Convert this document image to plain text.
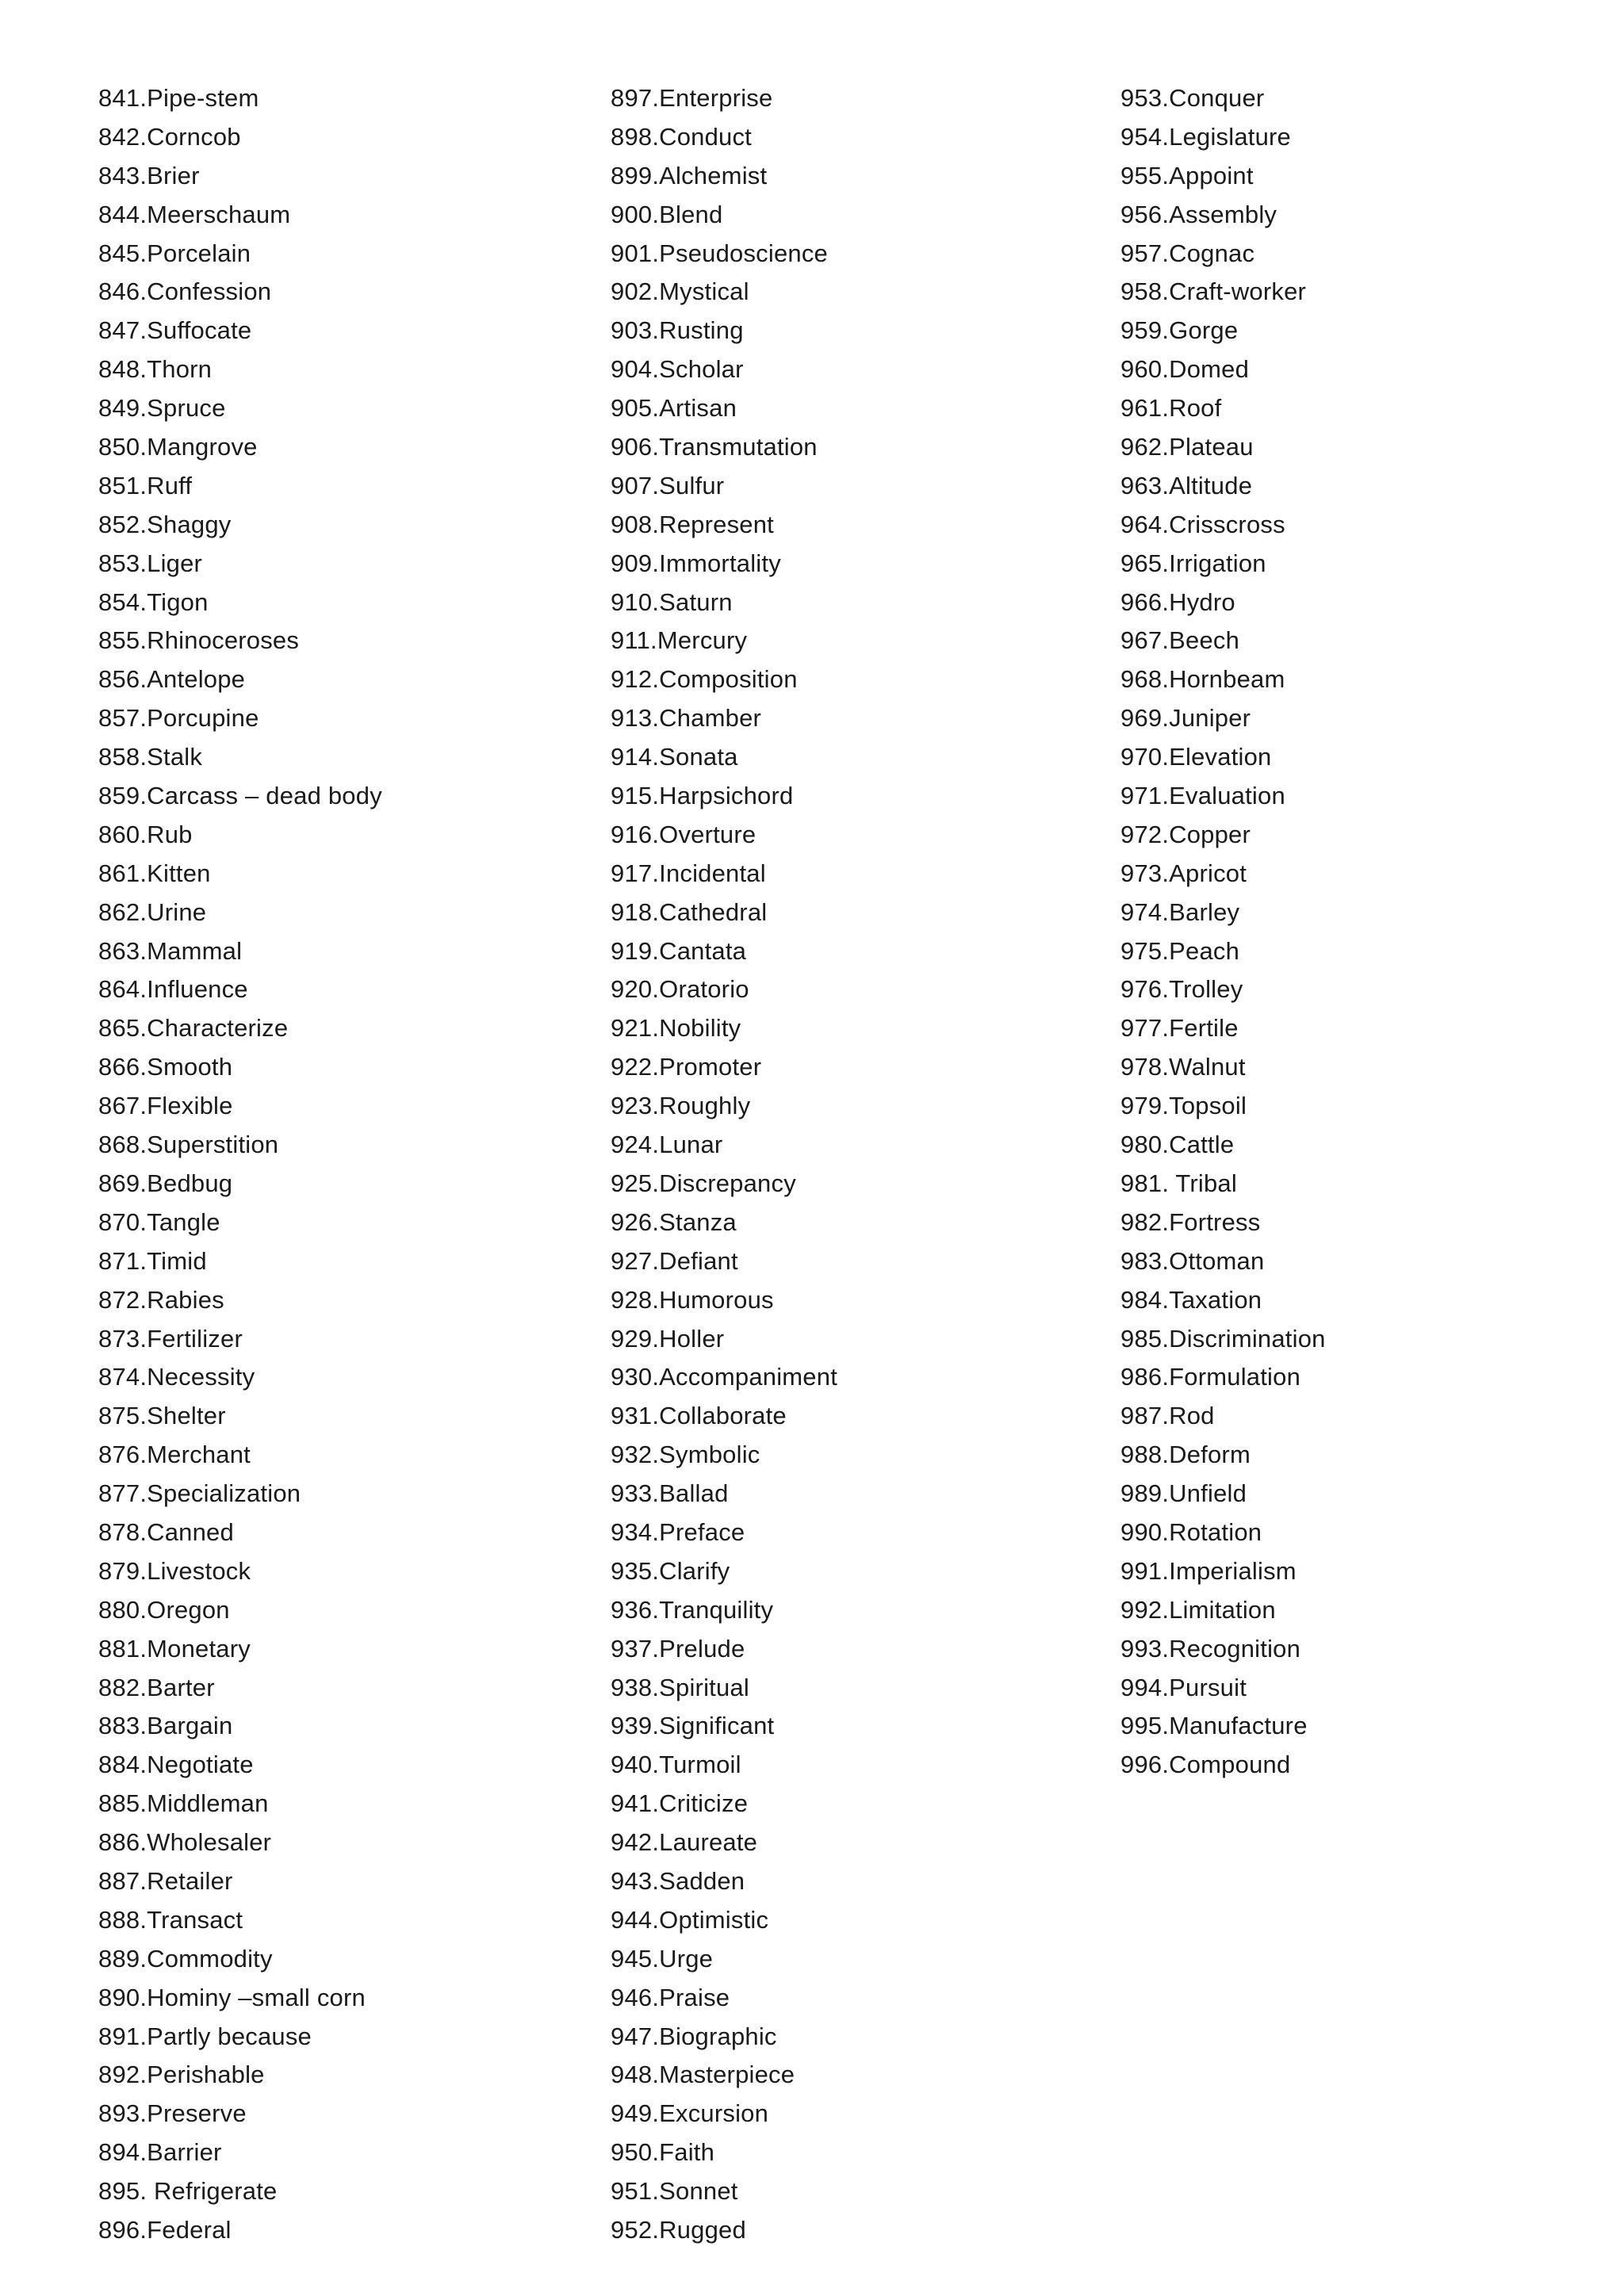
841.Pipe-stem
842.Corncob
843.Brier
844.Meerschaum
845.Porcelain
846.Confession
847.Suffocate
848.Thorn
849.Spruce
850.Mangrove
851.Ruff
852.Shaggy
853.Liger
854.Tigon
855.Rhinoceroses
856.Antelope
857.Porcupine
858.Stalk
859.Carcass – dead body
860.Rub
861.Kitten
862.Urine
863.Mammal
864.Influence
865.Characterize
866.Smooth
867.Flexible
868.Superstition
869.Bedbug
870.Tangle
871.Timid
872.Rabies
873.Fertilizer
874.Necessity
875.Shelter
876.Merchant
877.Specialization
878.Canned
879.Livestock
880.Oregon
881.Monetary
882.Barter
883.Bargain
884.Negotiate
885.Middleman
886.Wholesaler
887.Retailer
888.Transact
889.Commodity
890.Hominy –small corn
891.Partly because
892.Perishable
893.Preserve
894.Barrier
895. Refrigerate
896.Federal
897.Enterprise
898.Conduct
899.Alchemist
900.Blend
901.Pseudoscience
902.Mystical
903.Rusting
904.Scholar
905.Artisan
906.Transmutation
907.Sulfur
908.Represent
909.Immortality
910.Saturn
911.Mercury
912.Composition
913.Chamber
914.Sonata
915.Harpsichord
916.Overture
917.Incidental
918.Cathedral
919.Cantata
920.Oratorio
921.Nobility
922.Promoter
923.Roughly
924.Lunar
925.Discrepancy
926.Stanza
927.Defiant
928.Humorous
929.Holler
930.Accompaniment
931.Collaborate
932.Symbolic
933.Ballad
934.Preface
935.Clarify
936.Tranquility
937.Prelude
938.Spiritual
939.Significant
940.Turmoil
941.Criticize
942.Laureate
943.Sadden
944.Optimistic
945.Urge
946.Praise
947.Biographic
948.Masterpiece
949.Excursion
950.Faith
951.Sonnet
952.Rugged
953.Conquer
954.Legislature
955.Appoint
956.Assembly
957.Cognac
958.Craft-worker
959.Gorge
960.Domed
961.Roof
962.Plateau
963.Altitude
964.Crisscross
965.Irrigation
966.Hydro
967.Beech
968.Hornbeam
969.Juniper
970.Elevation
971.Evaluation
972.Copper
973.Apricot
974.Barley
975.Peach
976.Trolley
977.Fertile
978.Walnut
979.Topsoil
980.Cattle
981. Tribal
982.Fortress
983.Ottoman
984.Taxation
985.Discrimination
986.Formulation
987.Rod
988.Deform
989.Unfield
990.Rotation
991.Imperialism
992.Limitation
993.Recognition
994.Pursuit
995.Manufacture
996.Compound
